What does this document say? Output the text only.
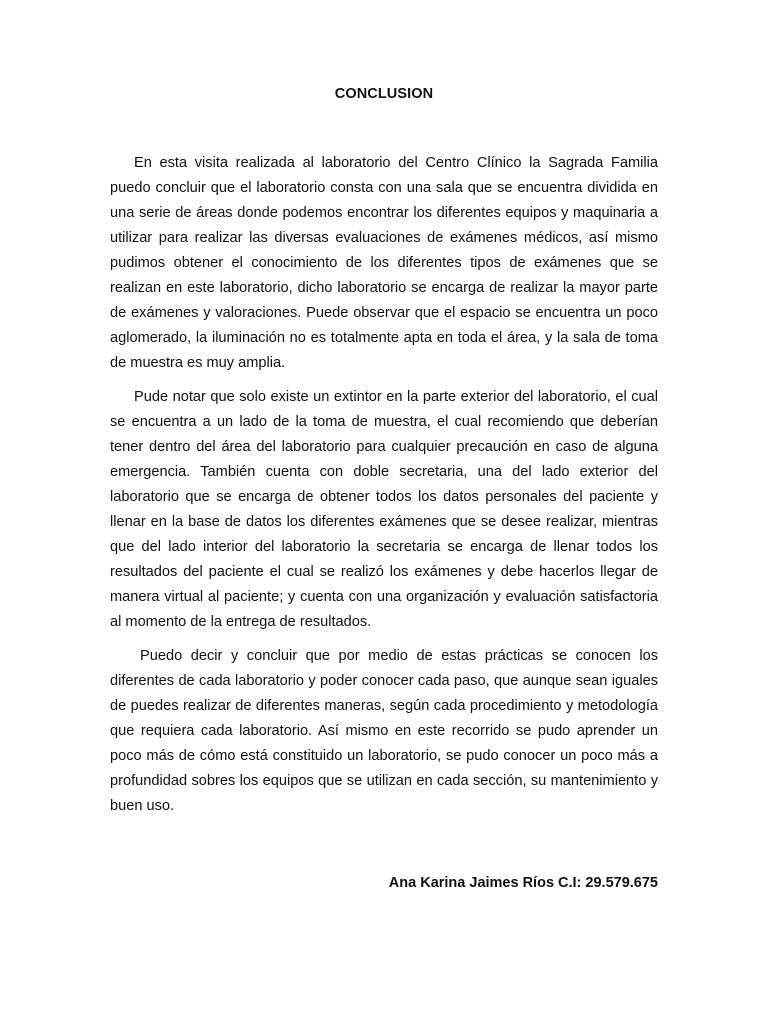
CONCLUSION

En esta visita realizada al laboratorio del Centro Clínico la Sagrada Familia puedo concluir que el laboratorio consta con una sala que se encuentra dividida en una serie de áreas donde podemos encontrar los diferentes equipos y maquinaria a utilizar para realizar las diversas evaluaciones de exámenes médicos, así mismo pudimos obtener el conocimiento de los diferentes tipos de exámenes que se realizan en este laboratorio, dicho laboratorio se encarga de realizar la mayor parte de exámenes y valoraciones. Puede observar que el espacio se encuentra un poco aglomerado, la iluminación no es totalmente apta en toda el área, y la sala de toma de muestra es muy amplia.

Pude notar que solo existe un extintor en la parte exterior del laboratorio, el cual se encuentra a un lado de la toma de muestra, el cual recomiendo que deberían tener dentro del área del laboratorio para cualquier precaución en caso de alguna emergencia. También cuenta con doble secretaria, una del lado exterior del laboratorio que se encarga de obtener todos los datos personales del paciente y llenar en la base de datos los diferentes exámenes que se desee realizar, mientras que del lado interior del laboratorio la secretaria se encarga de llenar todos los resultados del paciente el cual se realizó los exámenes y debe hacerlos llegar de manera virtual al paciente; y cuenta con una organización y evaluación satisfactoria al momento de la entrega de resultados.

Puedo decir y concluir que por medio de estas prácticas se conocen los diferentes de cada laboratorio y poder conocer cada paso, que aunque sean iguales de puedes realizar de diferentes maneras, según cada procedimiento y metodología que requiera cada laboratorio. Así mismo en este recorrido se pudo aprender un poco más de cómo está constituido un laboratorio, se pudo conocer un poco más a profundidad sobres los equipos que se utilizan en cada sección, su mantenimiento y buen uso.

Ana Karina Jaimes Ríos C.I: 29.579.675
